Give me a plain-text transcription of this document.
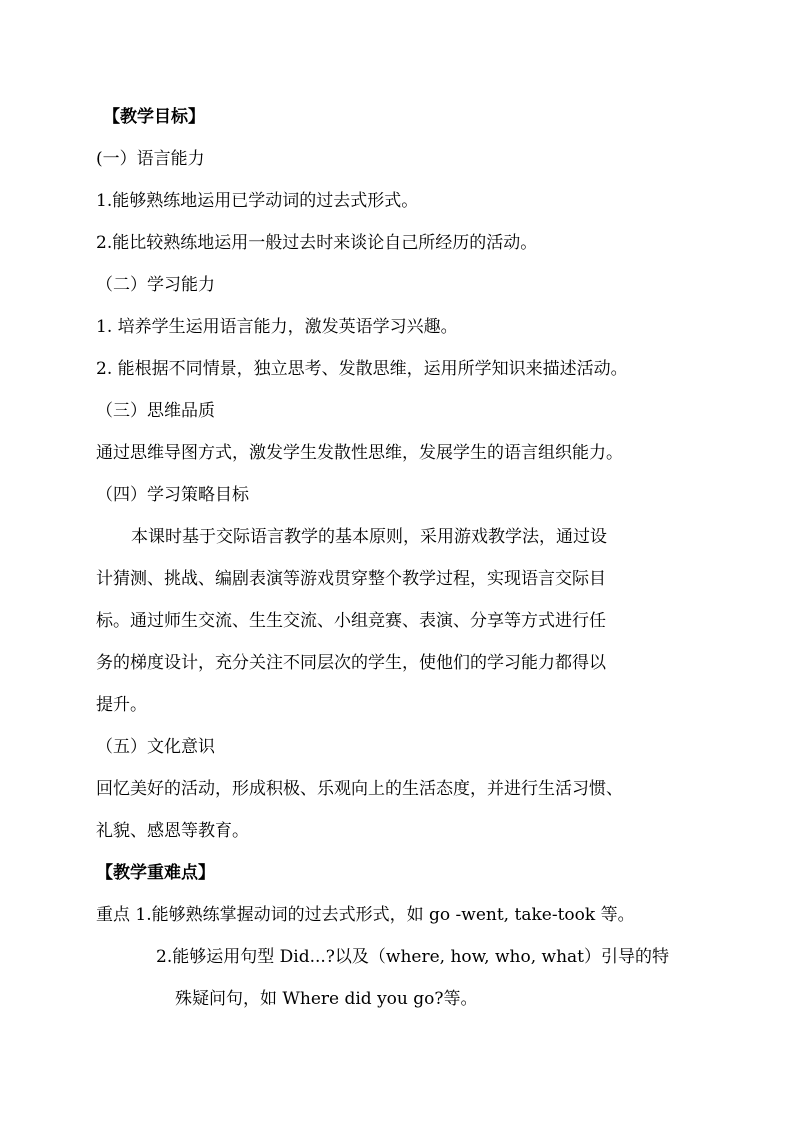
【教学目标】
(一）语言能力
1.能够熟练地运用已学动词的过去式形式。
2.能比较熟练地运用一般过去时来谈论自己所经历的活动。
（二）学习能力
1. 培养学生运用语言能力，激发英语学习兴趣。
2. 能根据不同情景，独立思考、发散思维，运用所学知识来描述活动。
（三）思维品质
通过思维导图方式，激发学生发散性思维，发展学生的语言组织能力。
（四）学习策略目标
本课时基于交际语言教学的基本原则，采用游戏教学法，通过设
计猜测、挑战、编剧表演等游戏贯穿整个教学过程，实现语言交际目
标。通过师生交流、生生交流、小组竞赛、表演、分享等方式进行任
务的梯度设计，充分关注不同层次的学生，使他们的学习能力都得以
提升。
（五）文化意识
回忆美好的活动，形成积极、乐观向上的生活态度，并进行生活习惯、
礼貌、感恩等教育。
【教学重难点】
重点 1.能够熟练掌握动词的过去式形式，如 go -went, take-took 等。
2.能够运用句型 Did...?以及（where, how, who, what）引导的特
殊疑问句，如 Where did you go?等。
